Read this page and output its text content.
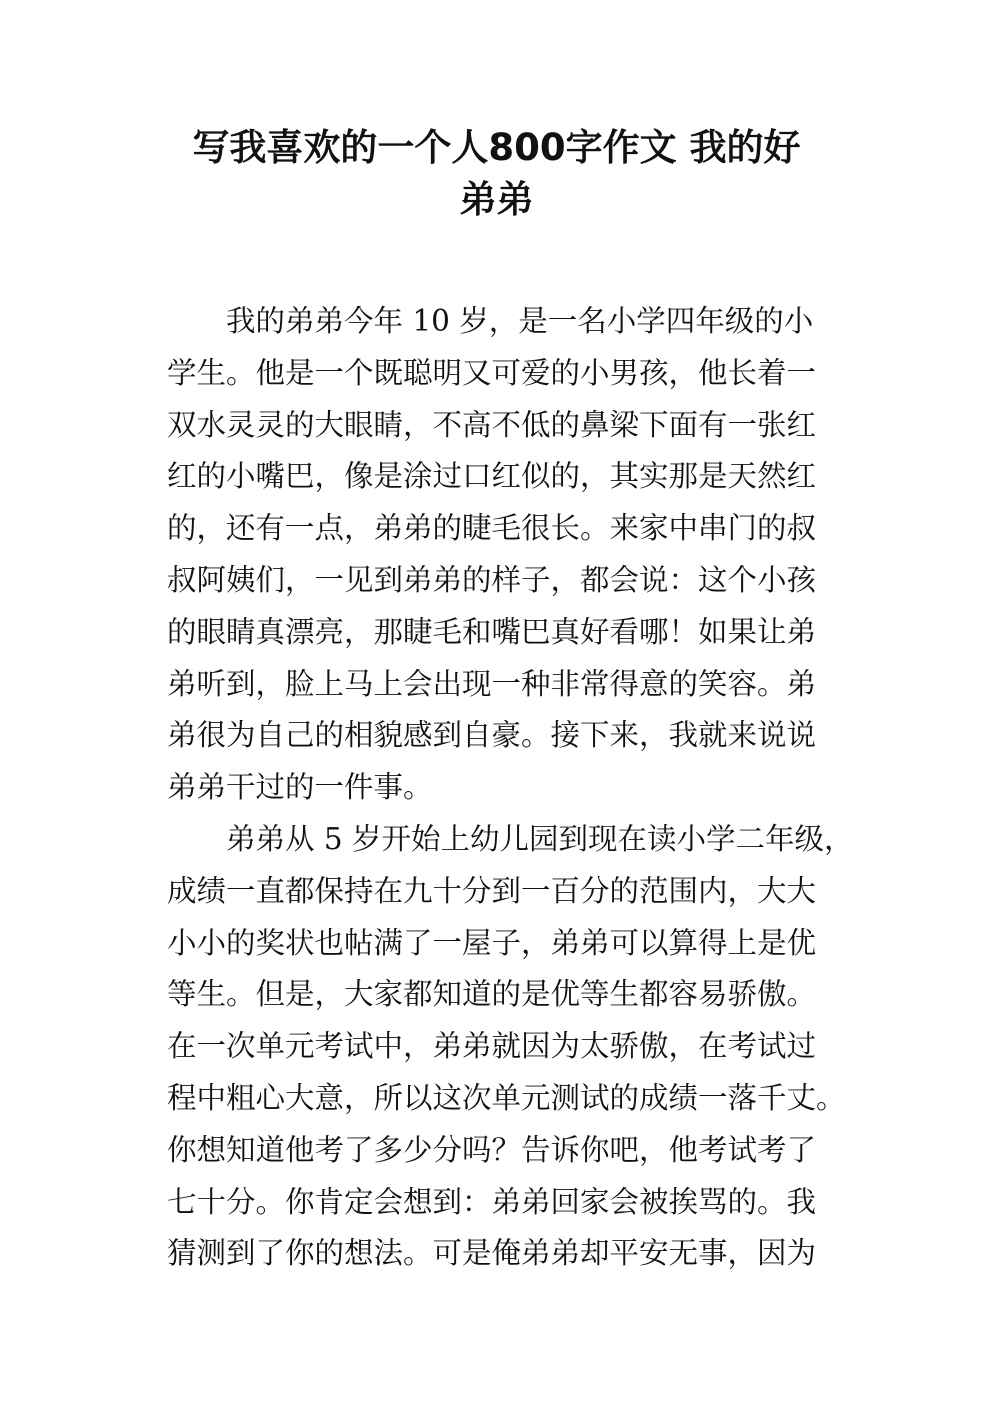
写我喜欢的一个人800字作文 我的好
弟弟
我的弟弟今年 10 岁，是一名小学四年级的小
学生。他是一个既聪明又可爱的小男孩，他长着一
双水灵灵的大眼睛，不高不低的鼻梁下面有一张红
红的小嘴巴，像是涂过口红似的，其实那是天然红
的，还有一点，弟弟的睫毛很长。来家中串门的叔
叔阿姨们，一见到弟弟的样子，都会说：这个小孩
的眼睛真漂亮，那睫毛和嘴巴真好看哪！如果让弟
弟听到，脸上马上会出现一种非常得意的笑容。弟
弟很为自己的相貌感到自豪。接下来，我就来说说
弟弟干过的一件事。
弟弟从 5 岁开始上幼儿园到现在读小学二年级，
成绩一直都保持在九十分到一百分的范围内，大大
小小的奖状也帖满了一屋子，弟弟可以算得上是优
等生。但是，大家都知道的是优等生都容易骄傲。
在一次单元考试中，弟弟就因为太骄傲，在考试过
程中粗心大意，所以这次单元测试的成绩一落千丈。
你想知道他考了多少分吗？告诉你吧，他考试考了
七十分。你肯定会想到：弟弟回家会被挨骂的。我
猜测到了你的想法。可是俺弟弟却平安无事，因为
